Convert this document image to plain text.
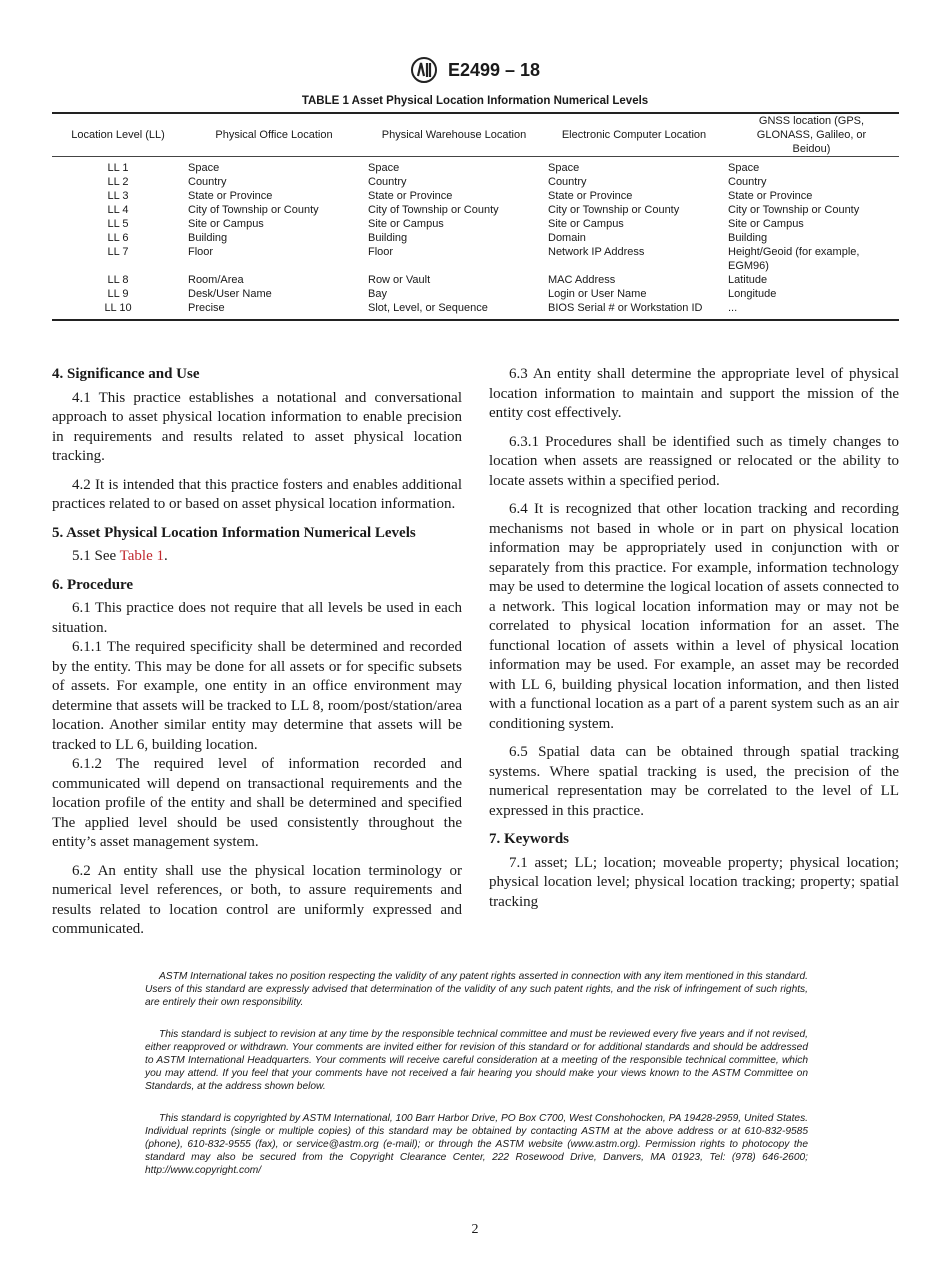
E2499 – 18
TABLE 1 Asset Physical Location Information Numerical Levels
Location Level (LL)	Physical Office Location	Physical Warehouse Location	Electronic Computer Location	GNSS location (GPS, GLONASS, Galileo, or Beidou)
LL 1	Space	Space	Space	Space
LL 2	Country	Country	Country	Country
LL 3	State or Province	State or Province	State or Province	State or Province
LL 4	City of Township or County	City of Township or County	City or Township or County	City or Township or County
LL 5	Site or Campus	Site or Campus	Site or Campus	Site or Campus
LL 6	Building	Building	Domain	Building
LL 7	Floor	Floor	Network IP Address	Height/Geoid (for example, EGM96)
LL 8	Room/Area	Row or Vault	MAC Address	Latitude
LL 9	Desk/User Name	Bay	Login or User Name	Longitude
LL 10	Precise	Slot, Level, or Sequence	BIOS Serial # or Workstation ID	...
4. Significance and Use

4.1 This practice establishes a notational and conversational approach to asset physical location information to enable precision in requirements and results related to asset physical location tracking.

4.2 It is intended that this practice fosters and enables additional practices related to or based on asset physical location information.

5. Asset Physical Location Information Numerical Levels

5.1 See Table 1.

6. Procedure

6.1 This practice does not require that all levels be used in each situation.

6.1.1 The required specificity shall be determined and recorded by the entity. This may be done for all assets or for specific subsets of assets. For example, one entity in an office environment may determine that assets will be tracked to LL 8, room/post/station/area location. Another similar entity may determine that assets will be tracked to LL 6, building location.

6.1.2 The required level of information recorded and communicated will depend on transactional requirements and the location profile of the entity and shall be determined and specified The applied level should be used consistently throughout the entity’s asset management system.

6.2 An entity shall use the physical location terminology or numerical level references, or both, to assure requirements and results related to location control are uniformly expressed and communicated.

6.3 An entity shall determine the appropriate level of physical location information to maintain and support the mission of the entity cost effectively.

6.3.1 Procedures shall be identified such as timely changes to location when assets are reassigned or relocated or the ability to locate assets within a specified period.

6.4 It is recognized that other location tracking and recording mechanisms not based in whole or in part on physical location information may be appropriately used in conjunction with or separately from this practice. For example, information technology may be used to determine the logical location of assets connected to a network. This logical location information may or may not be correlated to physical location information for an asset. The functional location of assets within a level of physical location information may be used. For example, an asset may be recorded with LL 6, building physical location information, and then listed with a functional location as a part of a parent system such as an air conditioning system.

6.5 Spatial data can be obtained through spatial tracking systems. Where spatial tracking is used, the precision of the numerical representation may be correlated to the level of LL expressed in this practice.

7. Keywords

7.1 asset; LL; location; moveable property; physical location; physical location level; physical location tracking; property; spatial tracking

ASTM International takes no position respecting the validity of any patent rights asserted in connection with any item mentioned in this standard. Users of this standard are expressly advised that determination of the validity of any such patent rights, and the risk of infringement of such rights, are entirely their own responsibility.

This standard is subject to revision at any time by the responsible technical committee and must be reviewed every five years and if not revised, either reapproved or withdrawn. Your comments are invited either for revision of this standard or for additional standards and should be addressed to ASTM International Headquarters. Your comments will receive careful consideration at a meeting of the responsible technical committee, which you may attend. If you feel that your comments have not received a fair hearing you should make your views known to the ASTM Committee on Standards, at the address shown below.

This standard is copyrighted by ASTM International, 100 Barr Harbor Drive, PO Box C700, West Conshohocken, PA 19428-2959, United States. Individual reprints (single or multiple copies) of this standard may be obtained by contacting ASTM at the above address or at 610-832-9585 (phone), 610-832-9555 (fax), or service@astm.org (e-mail); or through the ASTM website (www.astm.org). Permission rights to photocopy the standard may also be secured from the Copyright Clearance Center, 222 Rosewood Drive, Danvers, MA 01923, Tel: (978) 646-2600; http://www.copyright.com/

2
